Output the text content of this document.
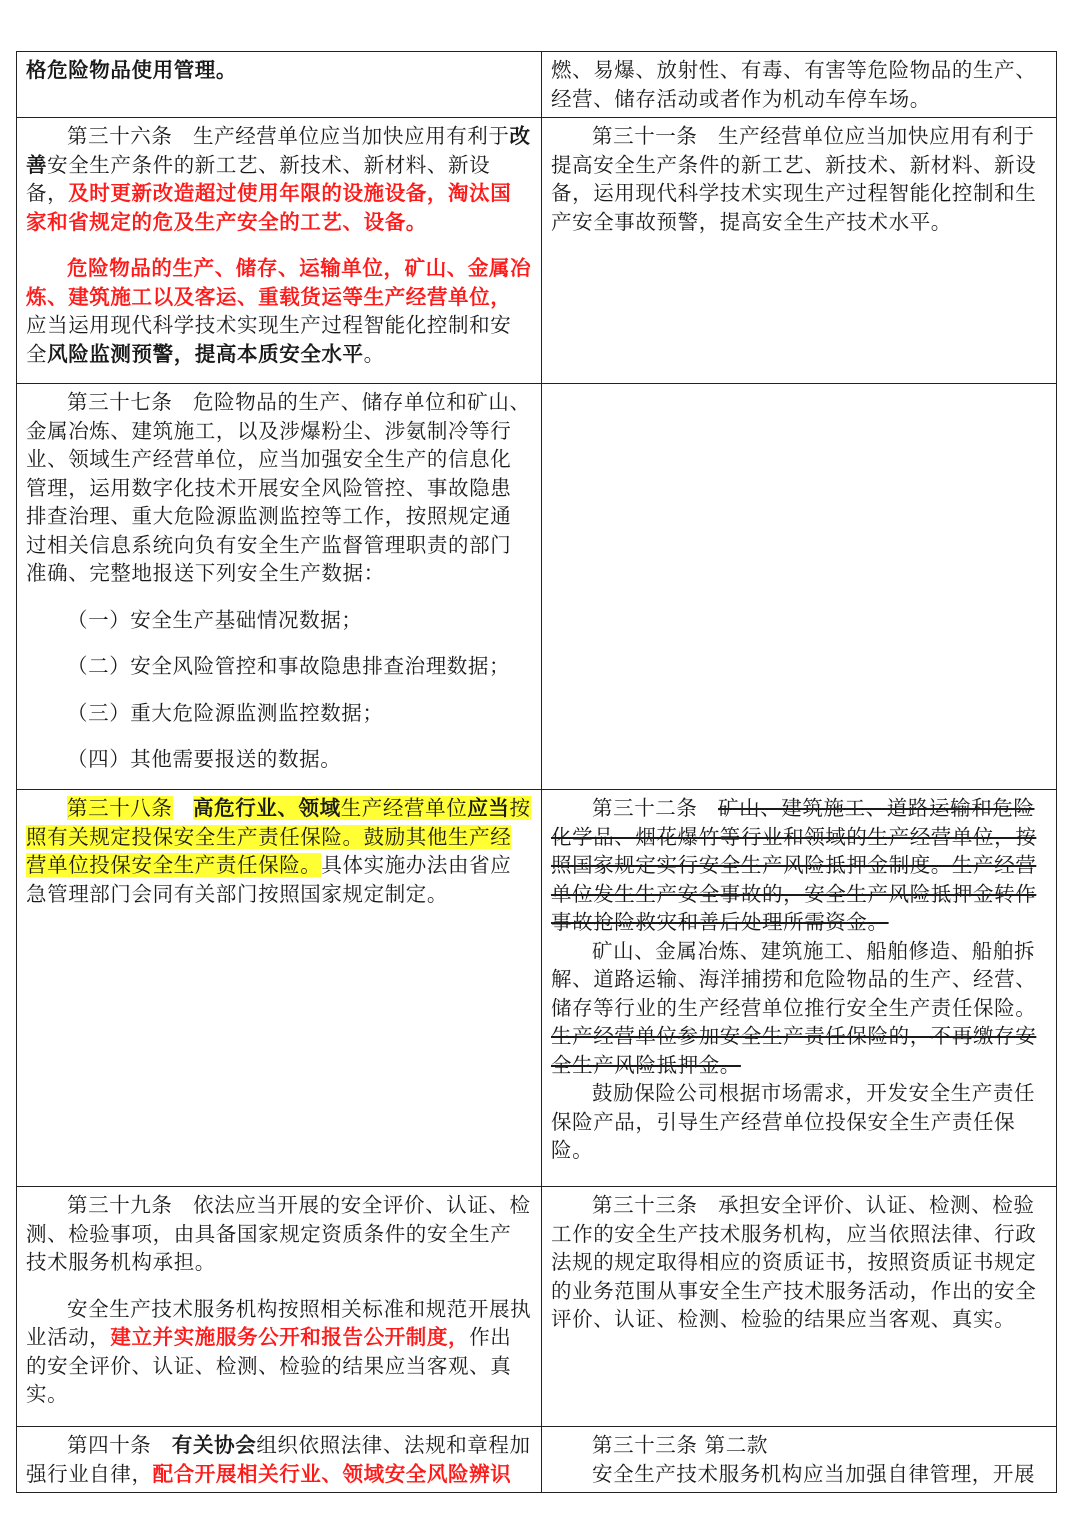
格危险物品使用管理。	燃、易爆、放射性、有毒、有害等危险物品的生产、经营、储存活动或者作为机动车停车场。

第三十六条 生产经营单位应当加快应用有利于改善安全生产条件的新工艺、新技术、新材料、新设备，及时更新改造超过使用年限的设施设备，淘汰国家和省规定的危及生产安全的工艺、设备。

危险物品的生产、储存、运输单位，矿山、金属冶炼、建筑施工以及客运、重载货运等生产经营单位，应当运用现代科学技术实现生产过程智能化控制和安全风险监测预警，提高本质安全水平。	第三十一条 生产经营单位应当加快应用有利于提高安全生产条件的新工艺、新技术、新材料、新设备，运用现代科学技术实现生产过程智能化控制和生产安全事故预警，提高安全生产技术水平。

第三十七条 危险物品的生产、储存单位和矿山、金属冶炼、建筑施工，以及涉爆粉尘、涉氨制冷等行业、领域生产经营单位，应当加强安全生产的信息化管理，运用数字化技术开展安全风险管控、事故隐患排查治理、重大危险源监测监控等工作，按照规定通过相关信息系统向负有安全生产监督管理职责的部门准确、完整地报送下列安全生产数据：

（一）安全生产基础情况数据；

（二）安全风险管控和事故隐患排查治理数据；

（三）重大危险源监测监控数据；

（四）其他需要报送的数据。	

第三十八条 高危行业、领域生产经营单位应当按照有关规定投保安全生产责任保险。鼓励其他生产经营单位投保安全生产责任保险。具体实施办法由省应急管理部门会同有关部门按照国家规定制定。	第三十二条 矿山、建筑施工、道路运输和危险化学品、烟花爆竹等行业和领域的生产经营单位，按照国家规定实行安全生产风险抵押金制度。生产经营单位发生生产安全事故的，安全生产风险抵押金转作事故抢险救灾和善后处理所需资金。

矿山、金属冶炼、建筑施工、船舶修造、船舶拆解、道路运输、海洋捕捞和危险物品的生产、经营、储存等行业的生产经营单位推行安全生产责任保险。生产经营单位参加安全生产责任保险的，不再缴存安全生产风险抵押金。

鼓励保险公司根据市场需求，开发安全生产责任保险产品，引导生产经营单位投保安全生产责任保险。

第三十九条 依法应当开展的安全评价、认证、检测、检验事项，由具备国家规定资质条件的安全生产技术服务机构承担。

安全生产技术服务机构按照相关标准和规范开展执业活动，建立并实施服务公开和报告公开制度，作出的安全评价、认证、检测、检验的结果应当客观、真实。	第三十三条 承担安全评价、认证、检测、检验工作的安全生产技术服务机构，应当依照法律、行政法规的规定取得相应的资质证书，按照资质证书规定的业务范围从事安全生产技术服务活动，作出的安全评价、认证、检测、检验的结果应当客观、真实。

第四十条 有关协会组织依照法律、法规和章程加强行业自律，配合开展相关行业、领域安全风险辨识	第三十三条 第二款

安全生产技术服务机构应当加强自律管理，开展
